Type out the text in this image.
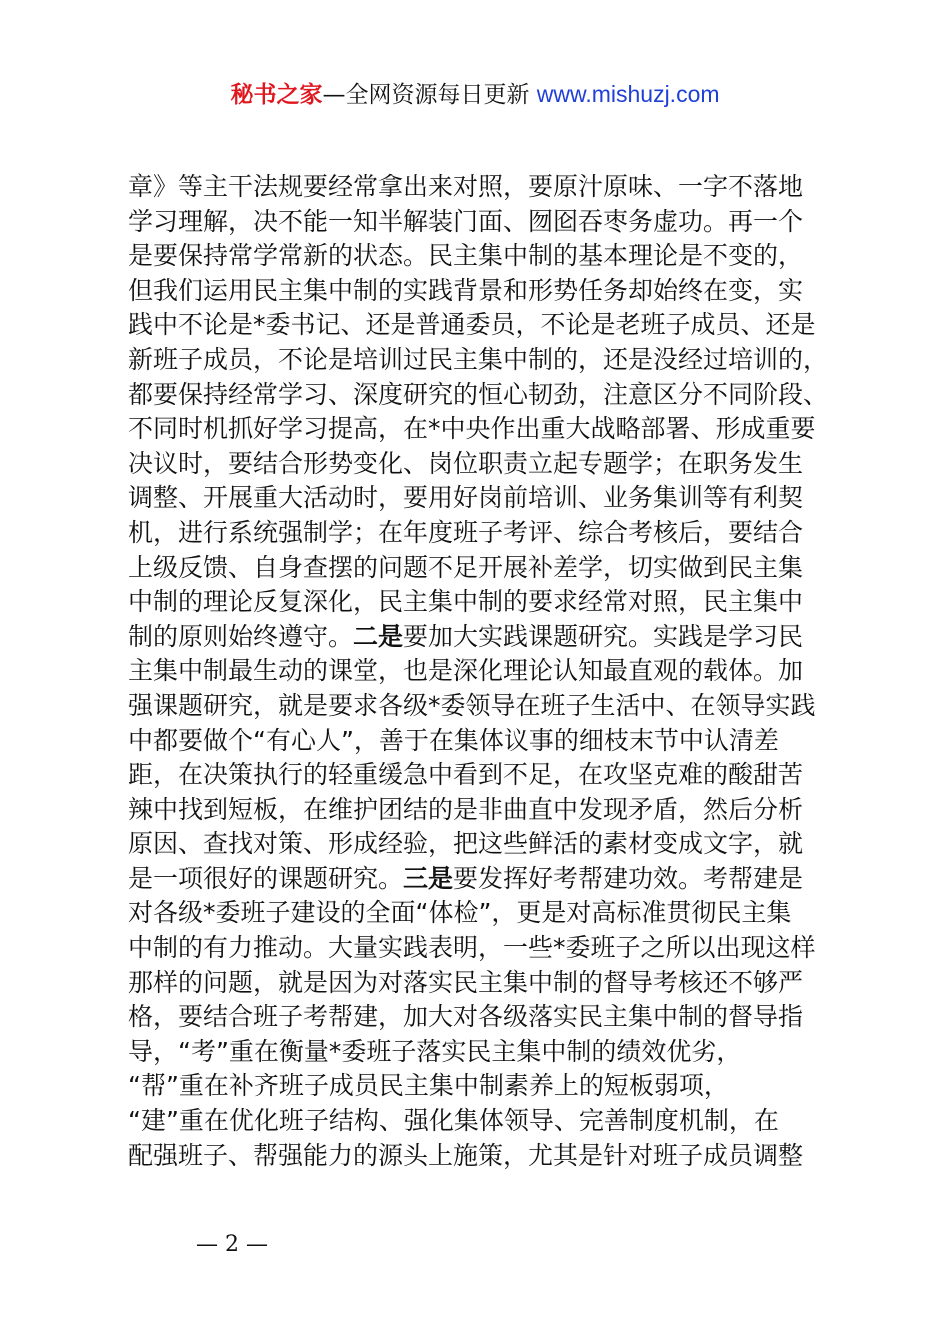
秘书之家—全网资源每日更新 www.mishuzj.com
章》等主干法规要经常拿出来对照，要原汁原味、一字不落地
学习理解，决不能一知半解装门面、囫囵吞枣务虚功。再一个
是要保持常学常新的状态。民主集中制的基本理论是不变的，
但我们运用民主集中制的实践背景和形势任务却始终在变，实
践中不论是*委书记、还是普通委员，不论是老班子成员、还是
新班子成员，不论是培训过民主集中制的，还是没经过培训的，
都要保持经常学习、深度研究的恒心韧劲，注意区分不同阶段、
不同时机抓好学习提高，在*中央作出重大战略部署、形成重要
决议时，要结合形势变化、岗位职责立起专题学；在职务发生
调整、开展重大活动时，要用好岗前培训、业务集训等有利契
机，进行系统强制学；在年度班子考评、综合考核后，要结合
上级反馈、自身查摆的问题不足开展补差学，切实做到民主集
中制的理论反复深化，民主集中制的要求经常对照，民主集中
制的原则始终遵守。二是要加大实践课题研究。实践是学习民
主集中制最生动的课堂，也是深化理论认知最直观的载体。加
强课题研究，就是要求各级*委领导在班子生活中、在领导实践
中都要做个“有心人”，善于在集体议事的细枝末节中认清差
距，在决策执行的轻重缓急中看到不足，在攻坚克难的酸甜苦
辣中找到短板，在维护团结的是非曲直中发现矛盾，然后分析
原因、查找对策、形成经验，把这些鲜活的素材变成文字，就
是一项很好的课题研究。三是要发挥好考帮建功效。考帮建是
对各级*委班子建设的全面“体检”，更是对高标准贯彻民主集
中制的有力推动。大量实践表明，一些*委班子之所以出现这样
那样的问题，就是因为对落实民主集中制的督导考核还不够严
格，要结合班子考帮建，加大对各级落实民主集中制的督导指
导，“考”重在衡量*委班子落实民主集中制的绩效优劣，
“帮”重在补齐班子成员民主集中制素养上的短板弱项，
“建”重在优化班子结构、强化集体领导、完善制度机制，在
配强班子、帮强能力的源头上施策，尤其是针对班子成员调整
— 2 —
